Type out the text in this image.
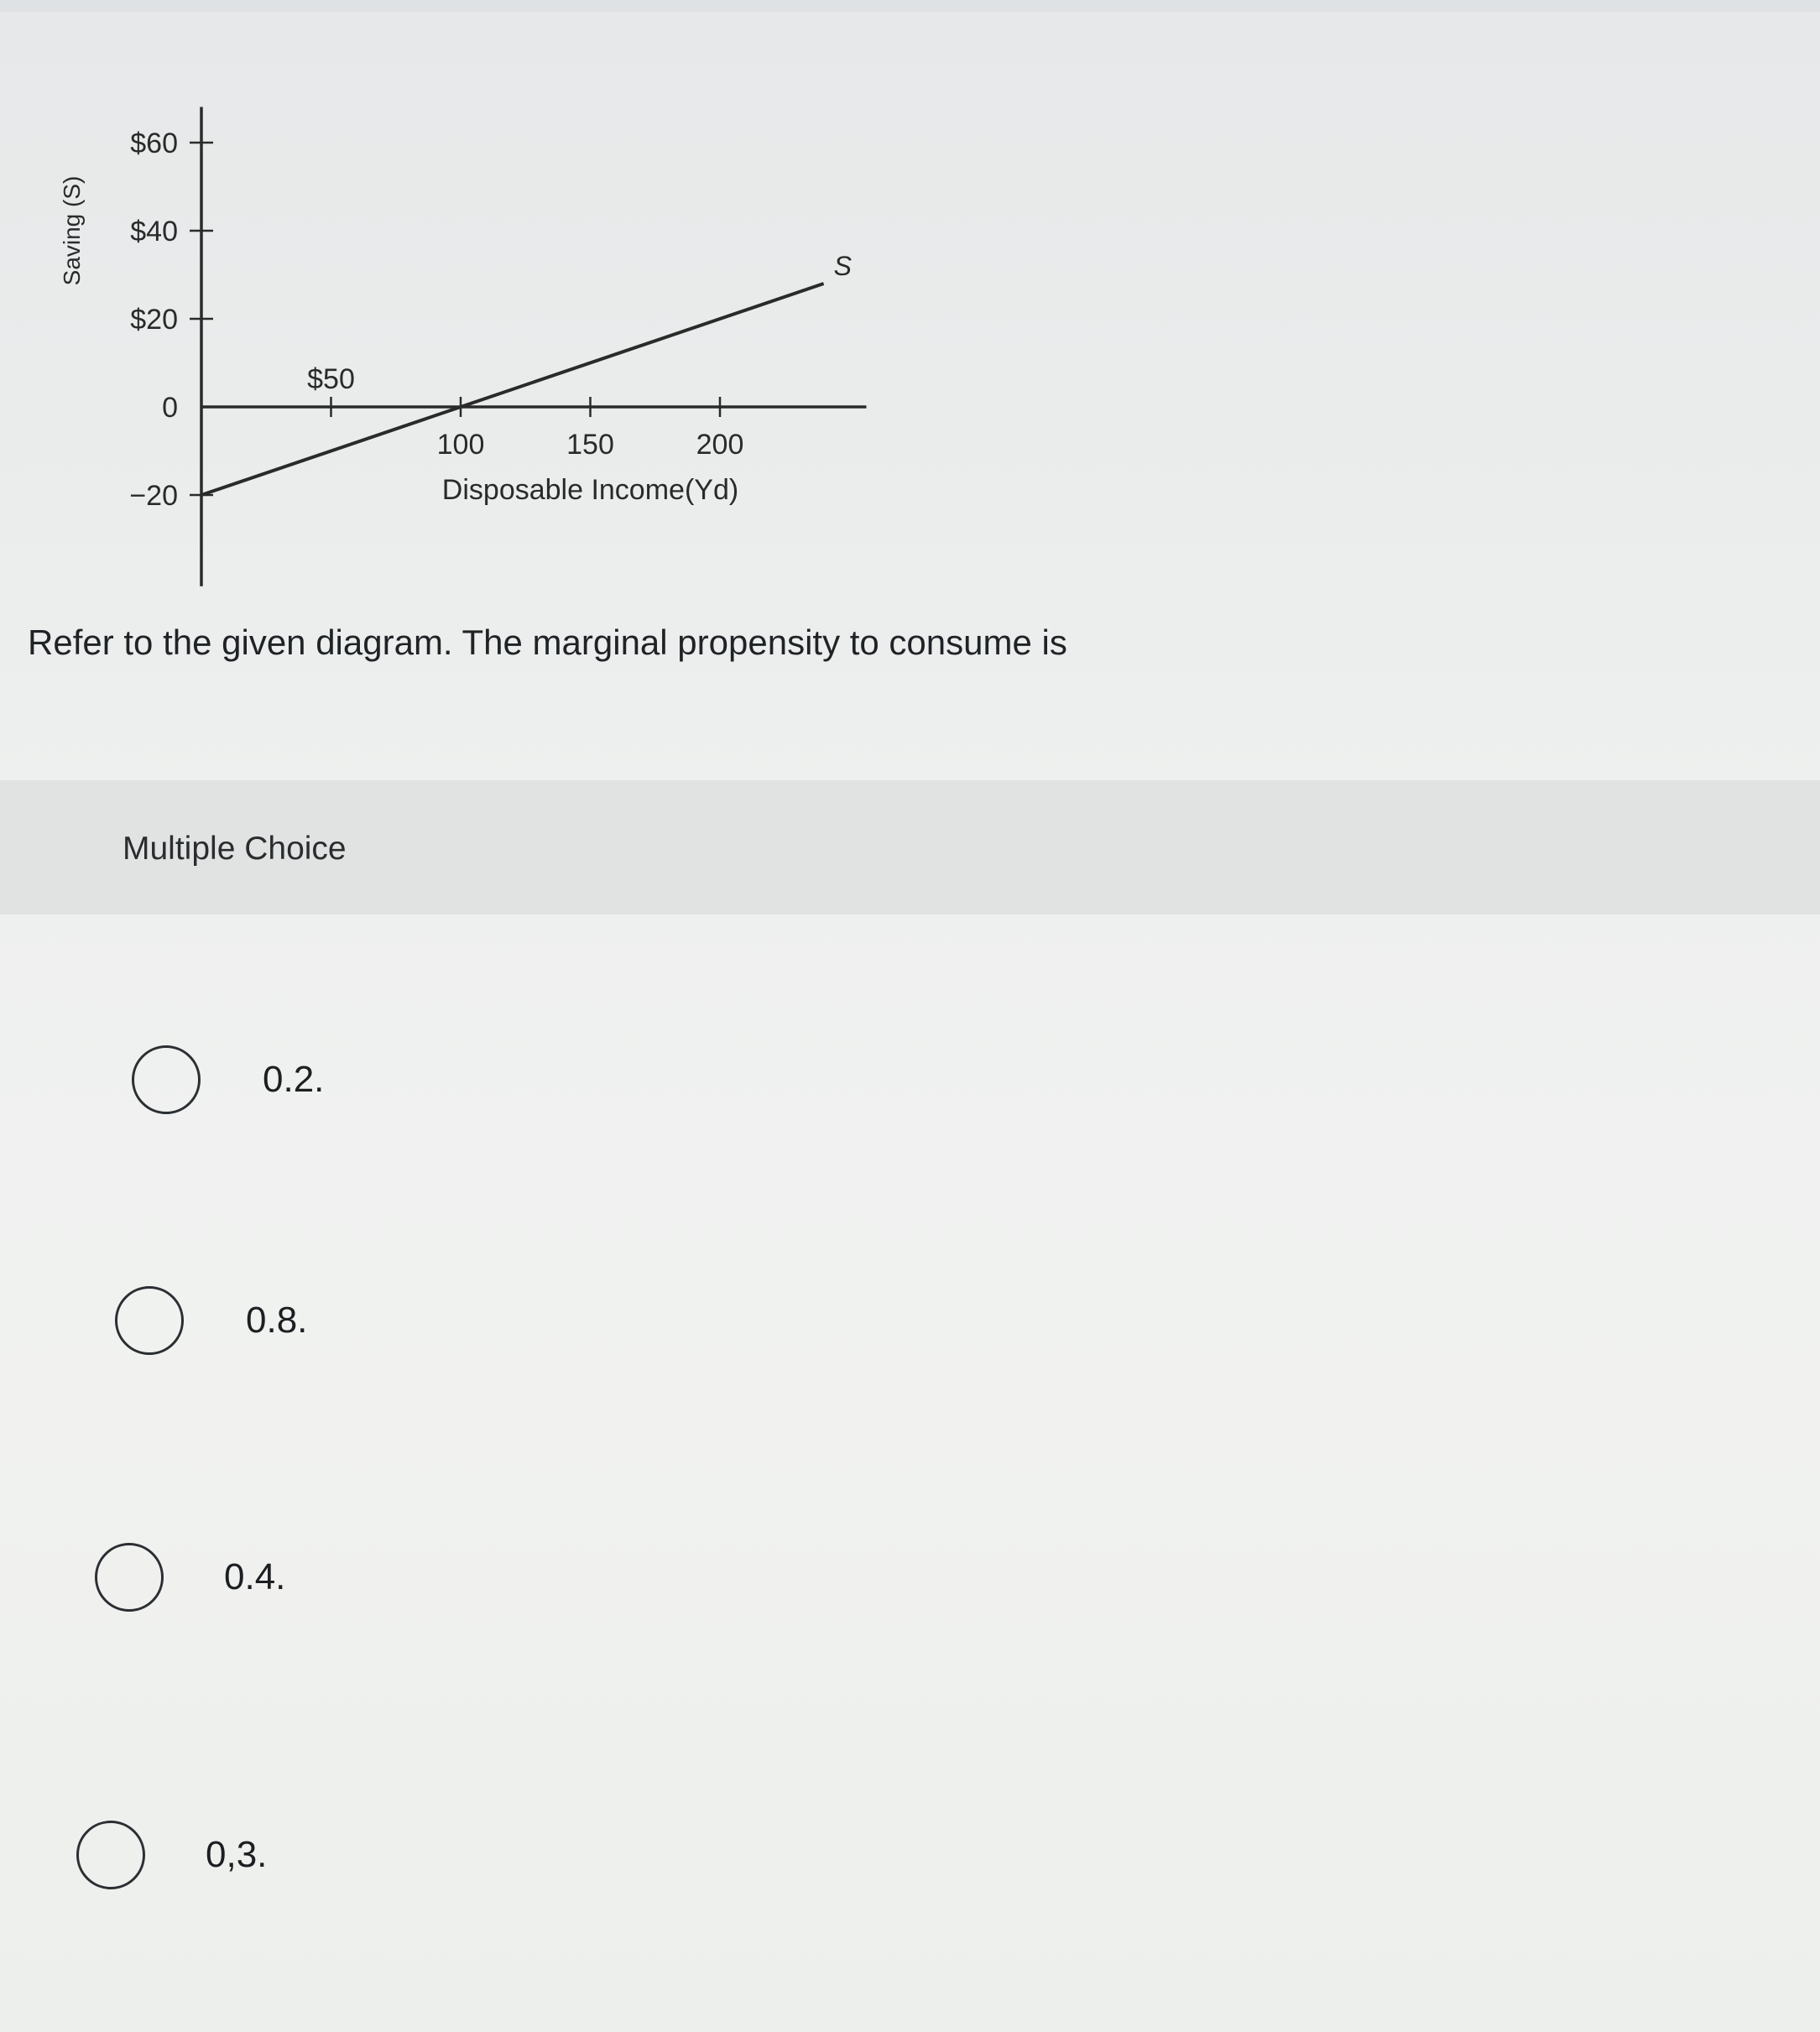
$60
$40
$20
0
−20
$50
100	150	200
Disposable Income(Yd)
Saving (S)	S
Refer to the given diagram. The marginal propensity to consume is
Multiple Choice
0.2.
0.8.
0.4.
0,3.
